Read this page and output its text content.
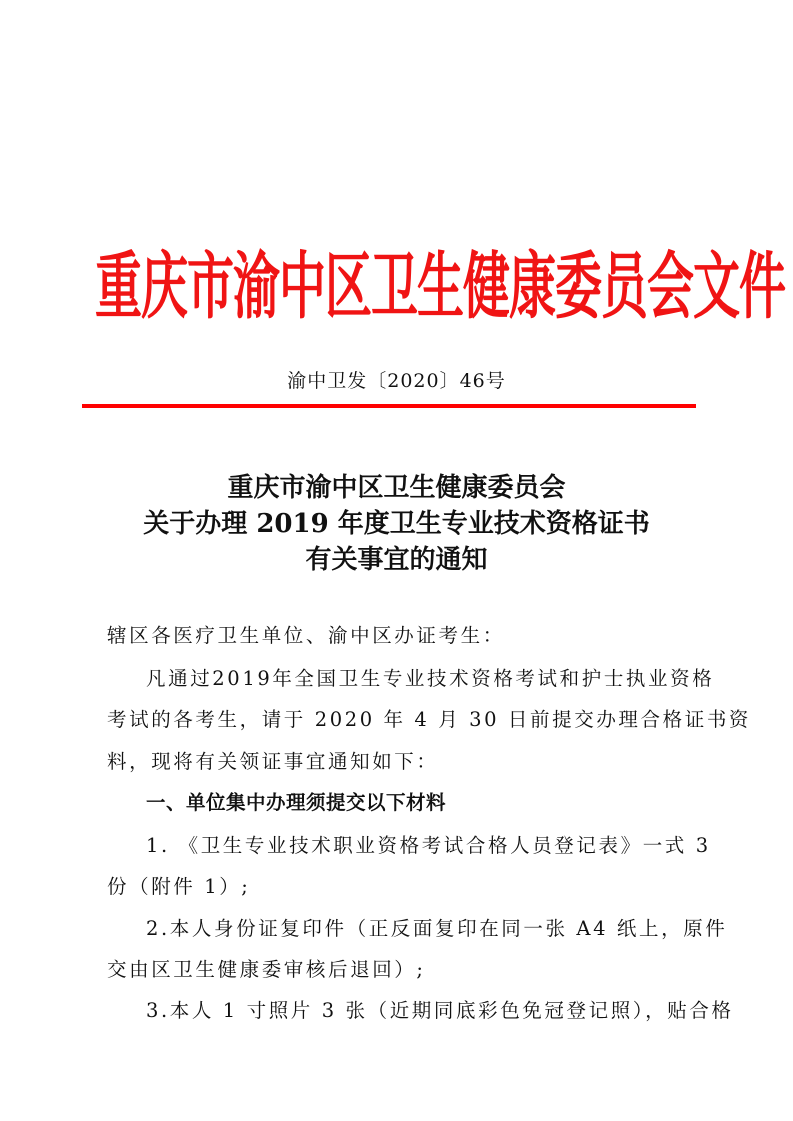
重庆市渝中区卫生健康委员会文件
渝中卫发〔2020〕46号
重庆市渝中区卫生健康委员会
关于办理 2019 年度卫生专业技术资格证书
有关事宜的通知
辖区各医疗卫生单位、渝中区办证考生：
凡通过2019年全国卫生专业技术资格考试和护士执业资格
考试的各考生，请于 2020 年 4 月 30 日前提交办理合格证书资
料，现将有关领证事宜通知如下：
一、单位集中办理须提交以下材料
1. 《卫生专业技术职业资格考试合格人员登记表》一式 3
份（附件 1）;
2.本人身份证复印件（正反面复印在同一张 A4 纸上，原件
交由区卫生健康委审核后退回）;
3.本人 1 寸照片 3 张（近期同底彩色免冠登记照），贴合格
